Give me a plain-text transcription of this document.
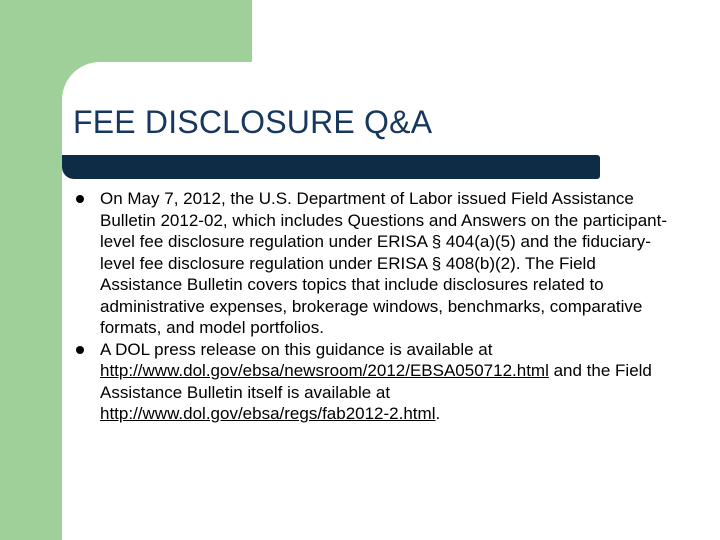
FEE DISCLOSURE Q&A
On May 7, 2012, the U.S. Department of Labor issued Field Assistance Bulletin 2012-02, which includes Questions and Answers on the participant-level fee disclosure regulation under ERISA § 404(a)(5) and the fiduciary-level fee disclosure regulation under ERISA § 408(b)(2). The Field Assistance Bulletin covers topics that include disclosures related to administrative expenses, brokerage windows, benchmarks, comparative formats, and model portfolios.
A DOL press release on this guidance is available at http://www.dol.gov/ebsa/newsroom/2012/EBSA050712.html and the Field Assistance Bulletin itself is available at http://www.dol.gov/ebsa/regs/fab2012-2.html.
